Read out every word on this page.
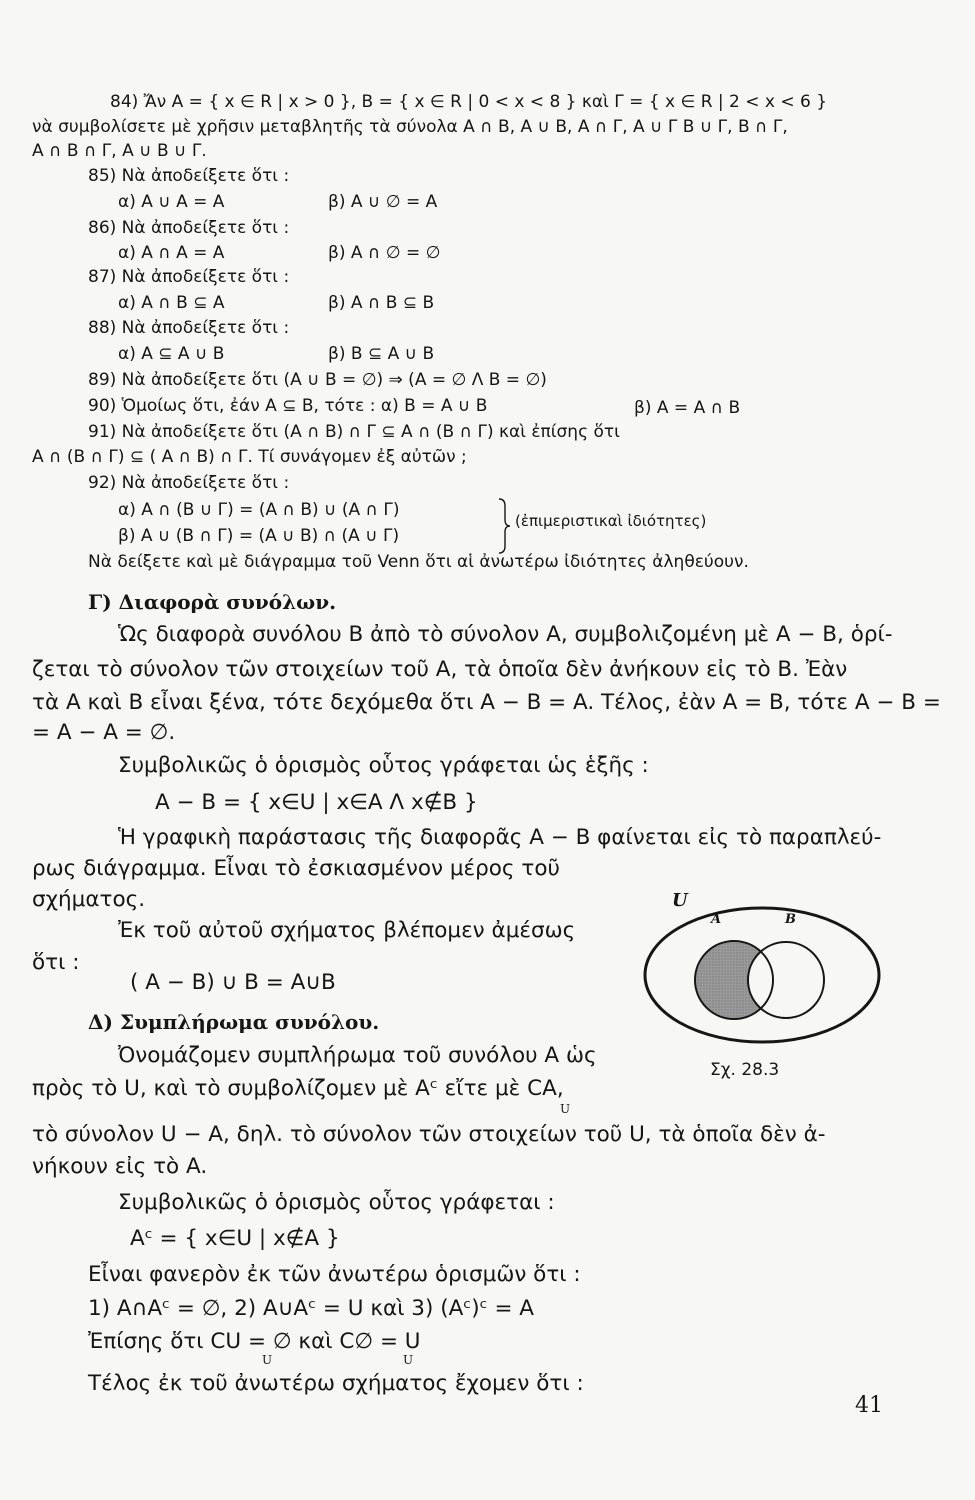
84) Ἄν A = { x ∈ R | x > 0 }, B = { x ∈ R | 0 < x < 8 } καὶ Γ = { x ∈ R | 2 < x < 6 }
νὰ συμβολίσετε μὲ χρῆσιν μεταβλητῆς τὰ σύνολα A ∩ B, A ∪ B, A ∩ Γ, A ∪ Γ B ∪ Γ, B ∩ Γ,
A ∩ B ∩ Γ, A ∪ B ∪ Γ.
85) Νὰ ἀποδείξετε ὅτι :
α) A ∪ A = A	β) A ∪ ∅ = A
86) Νὰ ἀποδείξετε ὅτι :
α) A ∩ A = A	β) A ∩ ∅ = ∅
87) Νὰ ἀποδείξετε ὅτι :
α) A ∩ B ⊆ A	β) A ∩ B ⊆ B
88) Νὰ ἀποδείξετε ὅτι :
α) A ⊆ A ∪ B	β) B ⊆ A ∪ B
89) Νὰ ἀποδείξετε ὅτι (A ∪ B = ∅) ⇒ (A = ∅ Λ B = ∅)
90) Ὁμοίως ὅτι, ἐάν A ⊆ B, τότε : α) B = A ∪ B	β) A = A ∩ B
91) Νὰ ἀποδείξετε ὅτι (A ∩ B) ∩ Γ ⊆ A ∩ (B ∩ Γ) καὶ ἐπίσης ὅτι
A ∩ (B ∩ Γ) ⊆ ( A ∩ B) ∩ Γ. Τί συνάγομεν ἐξ αὐτῶν ;
92) Νὰ ἀποδείξετε ὅτι :
α) A ∩ (B ∪ Γ) = (A ∩ B) ∪ (A ∩ Γ)
β) A ∪ (B ∩ Γ) = (A ∪ B) ∩ (A ∪ Γ)
(ἐπιμεριστικαὶ ἰδιότητες)
Νὰ δείξετε καὶ μὲ διάγραμμα τοῦ Venn ὅτι αἱ ἀνωτέρω ἰδιότητες ἀληθεύουν.
Γ) Διαφορὰ συνόλων.
Ὡς διαφορὰ συνόλου B ἀπὸ τὸ σύνολον A, συμβολιζομένη μὲ A − B, ὁρί-
ζεται τὸ σύνολον τῶν στοιχείων τοῦ A, τὰ ὁποῖα δὲν ἀνήκουν εἰς τὸ B. Ἐὰν
τὰ A καὶ B εἶναι ξένα, τότε δεχόμεθα ὅτι A − B = A. Τέλος, ἐὰν A = B, τότε A − B =
= A − A = ∅.
Συμβολικῶς ὁ ὁρισμὸς οὗτος γράφεται ὡς ἑξῆς :
A − B = { x∈U | x∈A Λ x∉B }
Ἡ γραφικὴ παράστασις τῆς διαφορᾶς A − B φαίνεται εἰς τὸ παραπλεύ-
ρως διάγραμμα. Εἶναι τὸ ἐσκιασμένον μέρος τοῦ
σχήματος.
Ἐκ τοῦ αὐτοῦ σχήματος βλέπομεν ἀμέσως
ὅτι :
( A − B) ∪ B = A∪B
Δ) Συμπλήρωμα συνόλου.
Ὀνομάζομεν συμπλήρωμα τοῦ συνόλου A ὡς
πρὸς τὸ U, καὶ τὸ συμβολίζομεν μὲ Aᶜ εἴτε μὲ CA,
U
τὸ σύνολον U − A, δηλ. τὸ σύνολον τῶν στοιχείων τοῦ U, τὰ ὁποῖα δὲν ἀ-
νήκουν εἰς τὸ A.
Συμβολικῶς ὁ ὁρισμὸς οὗτος γράφεται :
Aᶜ = { x∈U | x∉A }
Εἶναι φανερὸν ἐκ τῶν ἀνωτέρω ὁρισμῶν ὅτι :
1) A∩Aᶜ = ∅, 2) A∪Aᶜ = U καὶ 3) (Aᶜ)ᶜ = A
Ἐπίσης ὅτι CU = ∅ καὶ C∅ = U
U	U
Τέλος ἐκ τοῦ ἀνωτέρω σχήματος ἔχομεν ὅτι :
U
A	B
Σχ. 28.3
41
